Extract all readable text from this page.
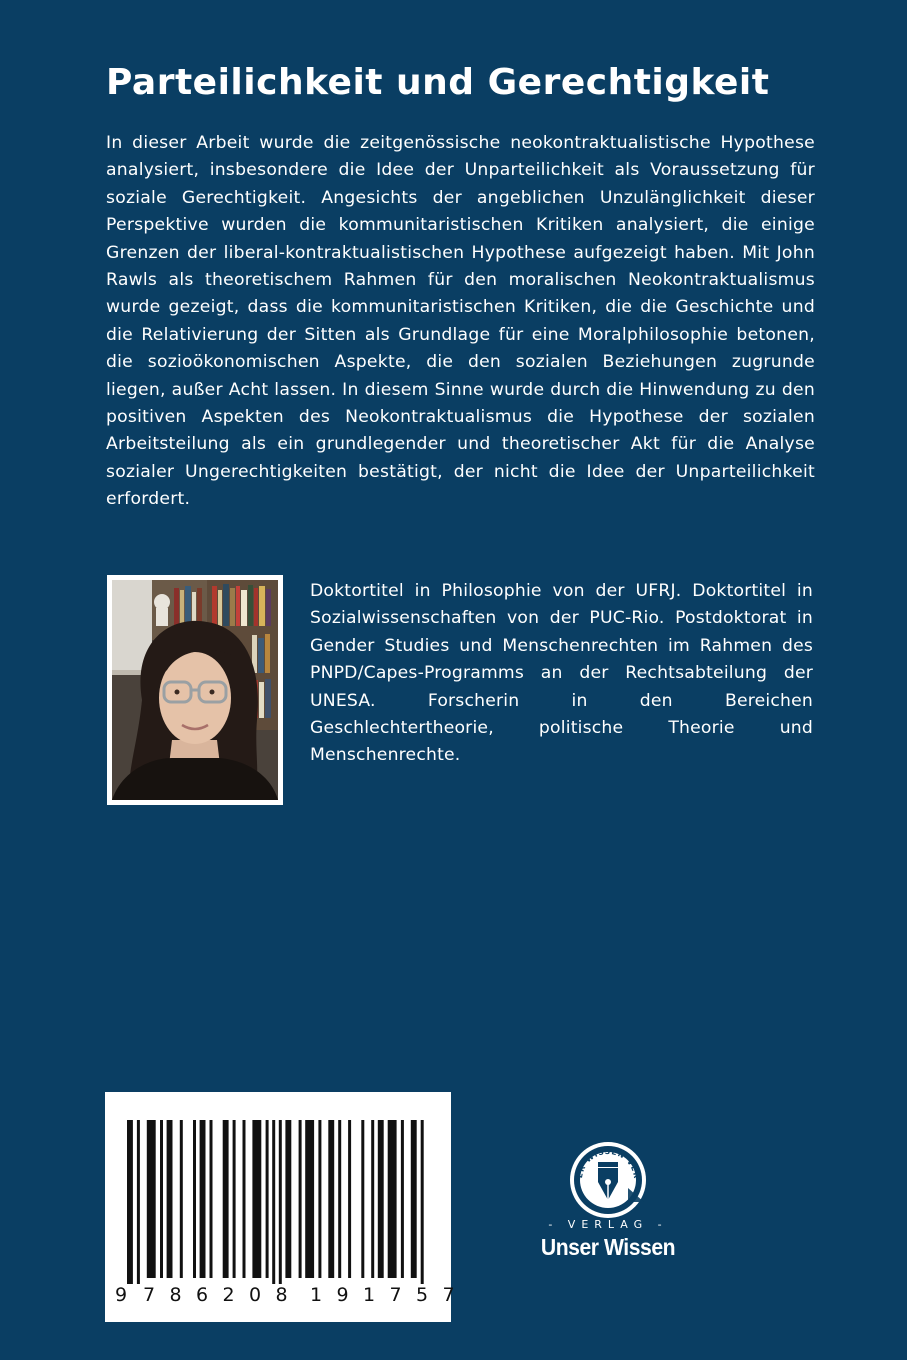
Parteilichkeit und Gerechtigkeit

In dieser Arbeit wurde die zeitgenössische neokontraktualistische Hypothese analysiert, insbesondere die Idee der Unparteilichkeit als Voraussetzung für soziale Gerechtigkeit. Angesichts der angeblichen Unzulänglichkeit dieser Perspektive wurden die kommunitaristischen Kritiken analysiert, die einige Grenzen der liberal-kontraktualistischen Hypothese aufgezeigt haben. Mit John Rawls als theoretischem Rahmen für den moralischen Neokontraktualismus wurde gezeigt, dass die kommunitaristischen Kritiken, die die Geschichte und die Relativierung der Sitten als Grundlage für eine Moralphilosophie betonen, die sozioökonomischen Aspekte, die den sozialen Beziehungen zugrunde liegen, außer Acht lassen. In diesem Sinne wurde durch die Hinwendung zu den positiven Aspekten des Neokontraktualismus die Hypothese der sozialen Arbeitsteilung als ein grundlegender und theoretischer Akt für die Analyse sozialer Ungerechtigkeiten bestätigt, der nicht die Idee der Unparteilichkeit erfordert.

Doktortitel in Philosophie von der UFRJ. Doktortitel in Sozialwissenschaften von der PUC-Rio. Postdoktorat in Gender Studies und Menschenrechten im Rahmen des PNPD/Capes-Programms an der Rechtsabteilung der UNESA. Forscherin in den Bereichen Geschlechtertheorie, politische Theorie und Menschenrechte.

9 7 8 6 2 0 8 1 9 1 7 5 7
ER WISSEN VER
- VERLAG -
Unser Wissen
